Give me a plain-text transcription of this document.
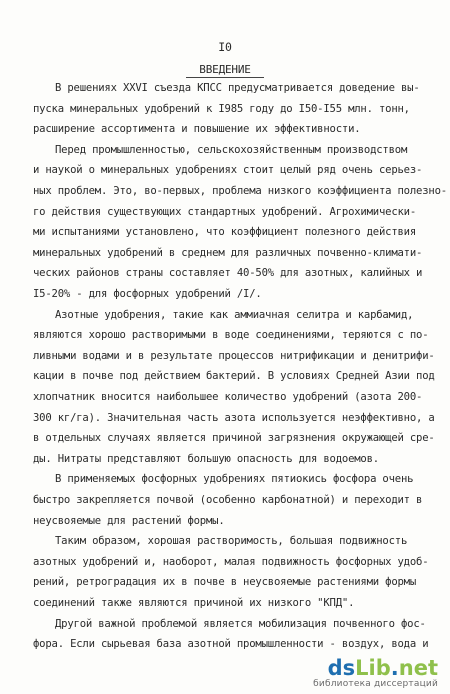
I0
ВВЕДЕНИЕ
В решениях XXVI съезда КПСС предусматривается доведение вы-
пуска минеральных удобрений к I985 году до I50-I55 млн. тонн,
расширение ассортимента и повышение их эффективности.
Перед промышленностью, сельскохозяйственным производством
и наукой о минеральных удобрениях стоит целый ряд очень серьез-
ных проблем. Это, во-первых, проблема низкого коэффициента полезно-
го действия существующих стандартных удобрений. Агрохимически-
ми испытаниями установлено, что коэффициент полезного действия
минеральных удобрений в среднем для различных почвенно-климати-
ческих районов страны составляет 40-50% для азотных, калийных и
I5-20% - для фосфорных удобрений /I/.
Азотные удобрения, такие как аммиачная селитра и карбамид,
являются хорошо растворимыми в воде соединениями, теряются с по-
ливными водами и в результате процессов нитрификации и денитрифи-
кации в почве под действием бактерий. В условиях Средней Азии под
хлопчатник вносится наибольшее количество удобрений (азота 200-
300 кг/га). Значительная часть азота используется неэффективно, а
в отдельных случаях является причиной загрязнения окружающей сре-
ды. Нитраты представляют большую опасность для водоемов.
В применяемых фосфорных удобрениях пятиокись фосфора очень
быстро закрепляется почвой (особенно карбонатной) и переходит в
неусвояемые для растений формы.
Таким образом, хорошая растворимость, большая подвижность
азотных удобрений и, наоборот, малая подвижность фосфорных удоб-
рений, ретроградация их в почве в неусвояемые растениями формы
соединений также являются причиной их низкого "КПД".
Другой важной проблемой является мобилизация почвенного фос-
фора. Если сырьевая база азотной промышленности - воздух, вода и
dsLib.net
библиотека диссертаций
